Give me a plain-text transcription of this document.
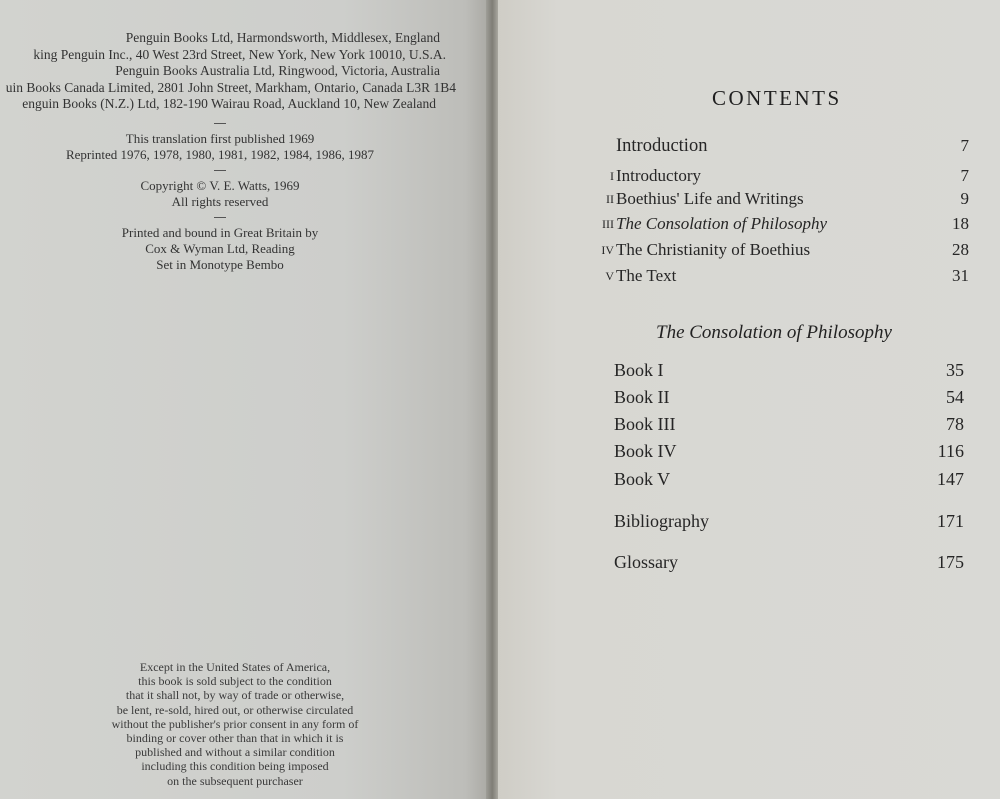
Penguin Books Ltd, Harmondsworth, Middlesex, England
king Penguin Inc., 40 West 23rd Street, New York, New York 10010, U.S.A.
Penguin Books Australia Ltd, Ringwood, Victoria, Australia
uin Books Canada Limited, 2801 John Street, Markham, Ontario, Canada L3R 1B4
enguin Books (N.Z.) Ltd, 182-190 Wairau Road, Auckland 10, New Zealand
This translation first published 1969
Reprinted 1976, 1978, 1980, 1981, 1982, 1984, 1986, 1987
Copyright © V. E. Watts, 1969
All rights reserved
Printed and bound in Great Britain by
Cox & Wyman Ltd, Reading
Set in Monotype Bembo
Except in the United States of America,
this book is sold subject to the condition
that it shall not, by way of trade or otherwise,
be lent, re-sold, hired out, or otherwise circulated
without the publisher's prior consent in any form of
binding or cover other than that in which it is
published and without a similar condition
including this condition being imposed
on the subsequent purchaser
CONTENTS
Introduction	7
I Introductory	7
II Boethius' Life and Writings	9
III The Consolation of Philosophy	18
IV The Christianity of Boethius	28
V The Text	31
The Consolation of Philosophy
Book I	35
Book II	54
Book III	78
Book IV	116
Book V	147
Bibliography	171
Glossary	175
